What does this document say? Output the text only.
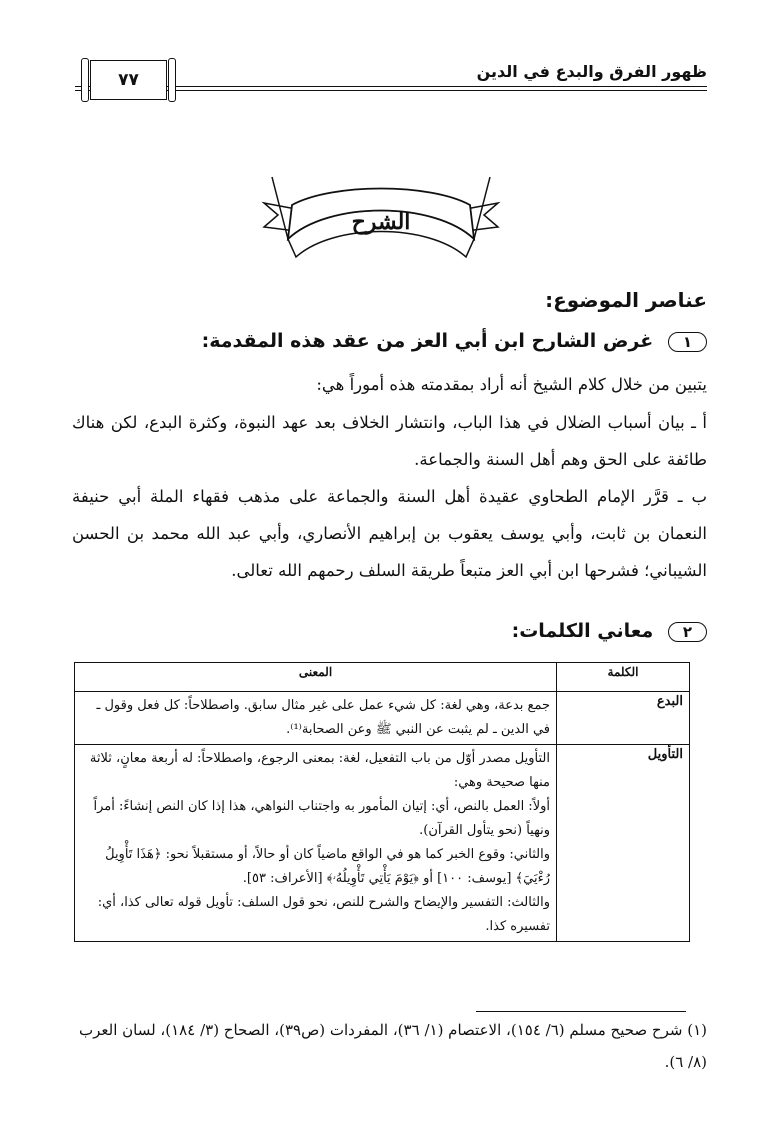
ظهور الفرق والبدع في الدين
٧٧
الشرح
عناصر الموضوع:
١ غرض الشارح ابن أبي العز من عقد هذه المقدمة:
يتبين من خلال كلام الشيخ أنه أراد بمقدمته هذه أموراً هي:
أ ـ بيان أسباب الضلال في هذا الباب، وانتشار الخلاف بعد عهد النبوة، وكثرة البدع، لكن هناك طائفة على الحق وهم أهل السنة والجماعة.
ب ـ قرَّر الإمام الطحاوي عقيدة أهل السنة والجماعة على مذهب فقهاء الملة أبي حنيفة النعمان بن ثابت، وأبي يوسف يعقوب بن إبراهيم الأنصاري، وأبي عبد الله محمد بن الحسن الشيباني؛ فشرحها ابن أبي العز متبعاً طريقة السلف رحمهم الله تعالى.
٢ معاني الكلمات:
الكلمة	المعنى
البدع	جمع بدعة، وهي لغة: كل شيء عمل على غير مثال سابق. واصطلاحاً: كل فعل وقول ـ في الدين ـ لم يثبت عن النبي ﷺ وعن الصحابة⁽¹⁾.
التأويل	التأويل مصدر أوّل من باب التفعيل، لغة: بمعنى الرجوع، واصطلاحاً: له أربعة معانٍ، ثلاثة منها صحيحة وهي:
أولاً: العمل بالنص، أي: إتيان المأمور به واجتناب النواهي، هذا إذا كان النص إنشاءً: أمراً ونهياً (نحو يتأول القرآن).
والثاني: وقوع الخبر كما هو في الواقع ماضياً كان أو حالاً، أو مستقبلاً نحو: ﴿هَذَا تَأْوِيلُ رُءْيَيَ﴾ [يوسف: ١٠٠] أو ﴿يَوْمَ يَأْتِي تَأْوِيلُهُۥ﴾ [الأعراف: ٥٣].
والثالث: التفسير والإيضاح والشرح للنص، نحو قول السلف: تأويل قوله تعالى كذا، أي: تفسيره كذا.
(١) شرح صحيح مسلم (٦/ ١٥٤)، الاعتصام (١/ ٣٦)، المفردات (ص٣٩)، الصحاح (٣/ ١٨٤)، لسان العرب (٨/ ٦).
